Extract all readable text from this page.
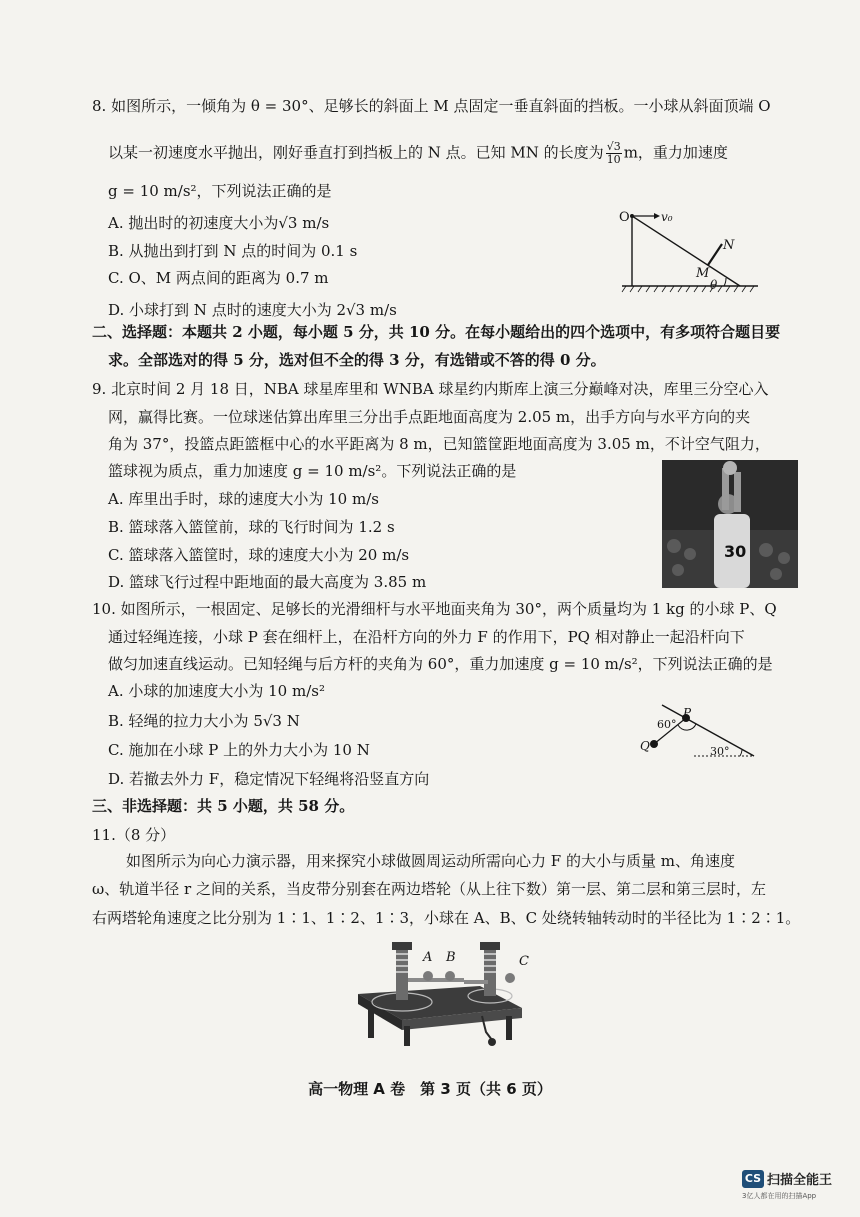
8. 如图所示，一倾角为 θ = 30°、足够长的斜面上 M 点固定一垂直斜面的挡板。一小球从斜面顶端 O
以某一初速度水平抛出，刚好垂直打到挡板上的 N 点。已知 MN 的长度为 $\frac{√3}{10}$ m，重力加速度
g = 10 m/s²，下列说法正确的是
A. 抛出时的初速度大小为√3 m/s
B. 从抛出到打到 N 点的时间为 0.1 s
C. O、M 两点间的距离为 0.7 m
D. 小球打到 N 点时的速度大小为 2√3 m/s
O	v₀
N
M
θ
二、选择题：本题共 2 小题，每小题 5 分，共 10 分。在每小题给出的四个选项中，有多项符合题目要
求。全部选对的得 5 分，选对但不全的得 3 分，有选错或不答的得 0 分。
9. 北京时间 2 月 18 日，NBA 球星库里和 WNBA 球星约内斯库上演三分巅峰对决，库里三分空心入
网，赢得比赛。一位球迷估算出库里三分出手点距地面高度为 2.05 m，出手方向与水平方向的夹
角为 37°，投篮点距篮框中心的水平距离为 8 m，已知篮筐距地面高度为 3.05 m，不计空气阻力，
篮球视为质点，重力加速度 g = 10 m/s²。下列说法正确的是
A. 库里出手时，球的速度大小为 10 m/s
B. 篮球落入篮筐前，球的飞行时间为 1.2 s
C. 篮球落入篮筐时，球的速度大小为 20 m/s
D. 篮球飞行过程中距地面的最大高度为 3.85 m
30
10. 如图所示，一根固定、足够长的光滑细杆与水平地面夹角为 30°，两个质量均为 1 kg 的小球 P、Q
通过轻绳连接，小球 P 套在细杆上，在沿杆方向的外力 F 的作用下，PQ 相对静止一起沿杆向下
做匀加速直线运动。已知轻绳与后方杆的夹角为 60°，重力加速度 g = 10 m/s²，下列说法正确的是
A. 小球的加速度大小为 10 m/s²
B. 轻绳的拉力大小为 5√3 N
C. 施加在小球 P 上的外力大小为 10 N
D. 若撤去外力 F，稳定情况下轻绳将沿竖直方向
P
Q
60°
30°
三、非选择题：共 5 小题，共 58 分。
11.（8 分）
如图所示为向心力演示器，用来探究小球做圆周运动所需向心力 F 的大小与质量 m、角速度
ω、轨道半径 r 之间的关系，当皮带分别套在两边塔轮（从上往下数）第一层、第二层和第三层时，左
右两塔轮角速度之比分别为 1∶1、1∶2、1∶3，小球在 A、B、C 处绕转轴转动时的半径比为 1∶2∶1。
A B	C
高一物理 A 卷　第 3 页（共 6 页）
CS 扫描全能王
3亿人都在用的扫描App
